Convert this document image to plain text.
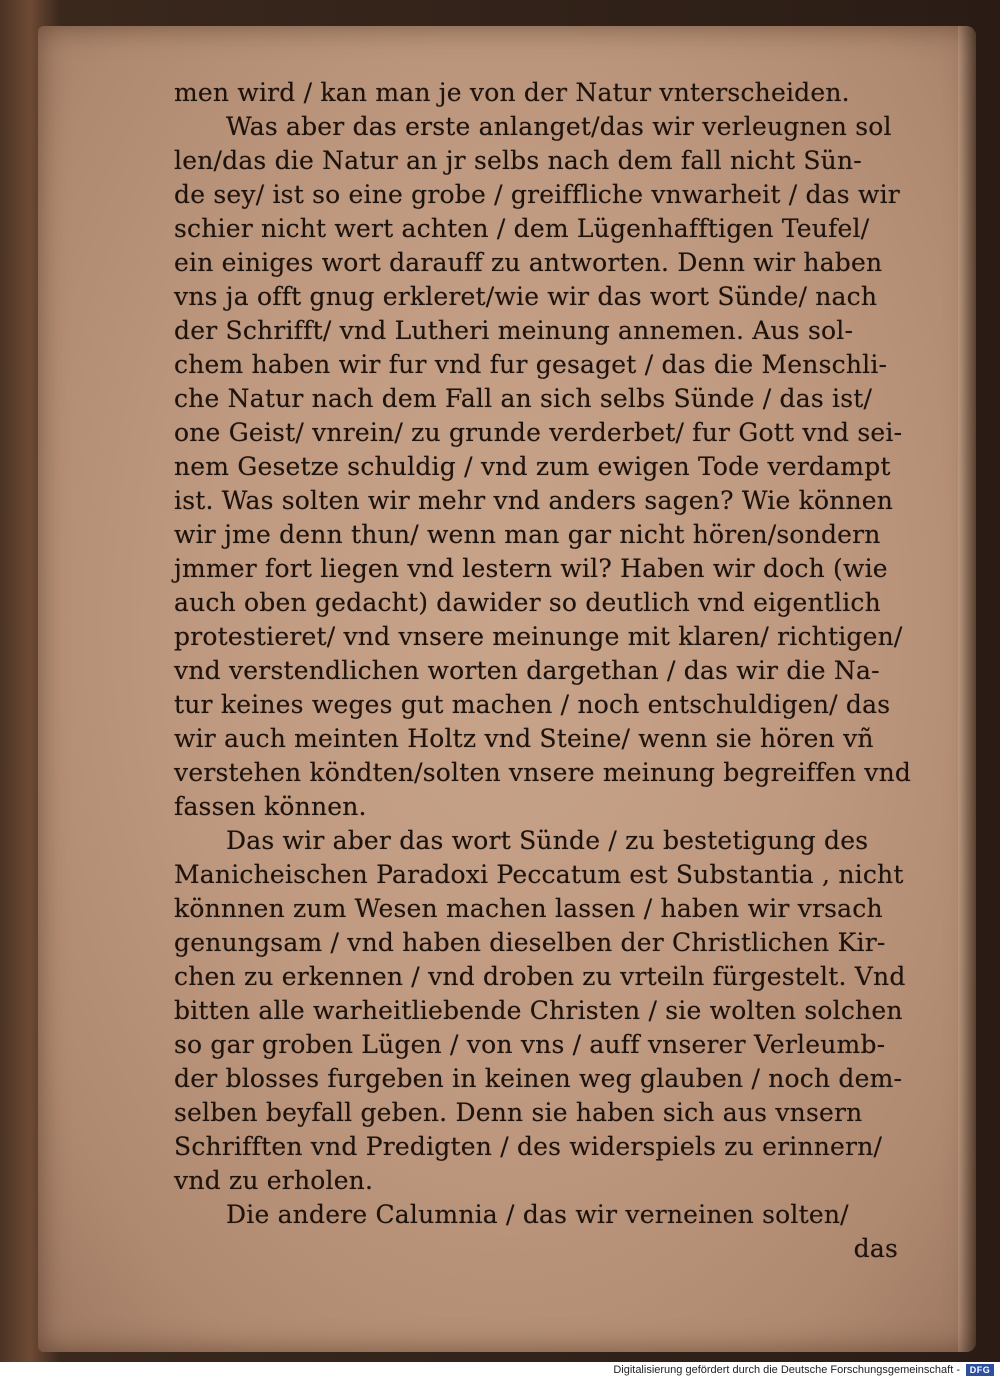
men wird / kan man je von der Natur vnterscheiden.
Was aber das erste anlanget/das wir verleugnen sol
len/das die Natur an jr selbs nach dem fall nicht Sün-
de sey/ ist so eine grobe / greiffliche vnwarheit / das wir
schier nicht wert achten / dem Lügenhafftigen Teufel/
ein einiges wort darauff zu antworten. Denn wir haben
vns ja offt gnug erkleret/wie wir das wort Sünde/ nach
der Schrifft/ vnd Lutheri meinung annemen. Aus sol-
chem haben wir fur vnd fur gesaget / das die Menschli-
che Natur nach dem Fall an sich selbs Sünde / das ist/
one Geist/ vnrein/ zu grunde verderbet/ fur Gott vnd sei-
nem Gesetze schuldig / vnd zum ewigen Tode verdampt
ist. Was solten wir mehr vnd anders sagen? Wie können
wir jme denn thun/ wenn man gar nicht hören/sondern
jmmer fort liegen vnd lestern wil? Haben wir doch (wie
auch oben gedacht) dawider so deutlich vnd eigentlich
protestieret/ vnd vnsere meinunge mit klaren/ richtigen/
vnd verstendlichen worten dargethan / das wir die Na-
tur keines weges gut machen / noch entschuldigen/ das
wir auch meinten Holtz vnd Steine/ wenn sie hören vñ
verstehen köndten/solten vnsere meinung begreiffen vnd
fassen können.
Das wir aber das wort Sünde / zu bestetigung des
Manicheischen Paradoxi Peccatum est Substantia , nicht
könnnen zum Wesen machen lassen / haben wir vrsach
genungsam / vnd haben dieselben der Christlichen Kir-
chen zu erkennen / vnd droben zu vrteiln fürgestelt. Vnd
bitten alle warheitliebende Christen / sie wolten solchen
so gar groben Lügen / von vns / auff vnserer Verleumb-
der blosses furgeben in keinen weg glauben / noch dem-
selben beyfall geben. Denn sie haben sich aus vnsern
Schrifften vnd Predigten / des widerspiels zu erinnern/
vnd zu erholen.
Die andere Calumnia / das wir verneinen solten/
das
Digitalisierung gefördert durch die Deutsche Forschungsgemeinschaft -	DFG
